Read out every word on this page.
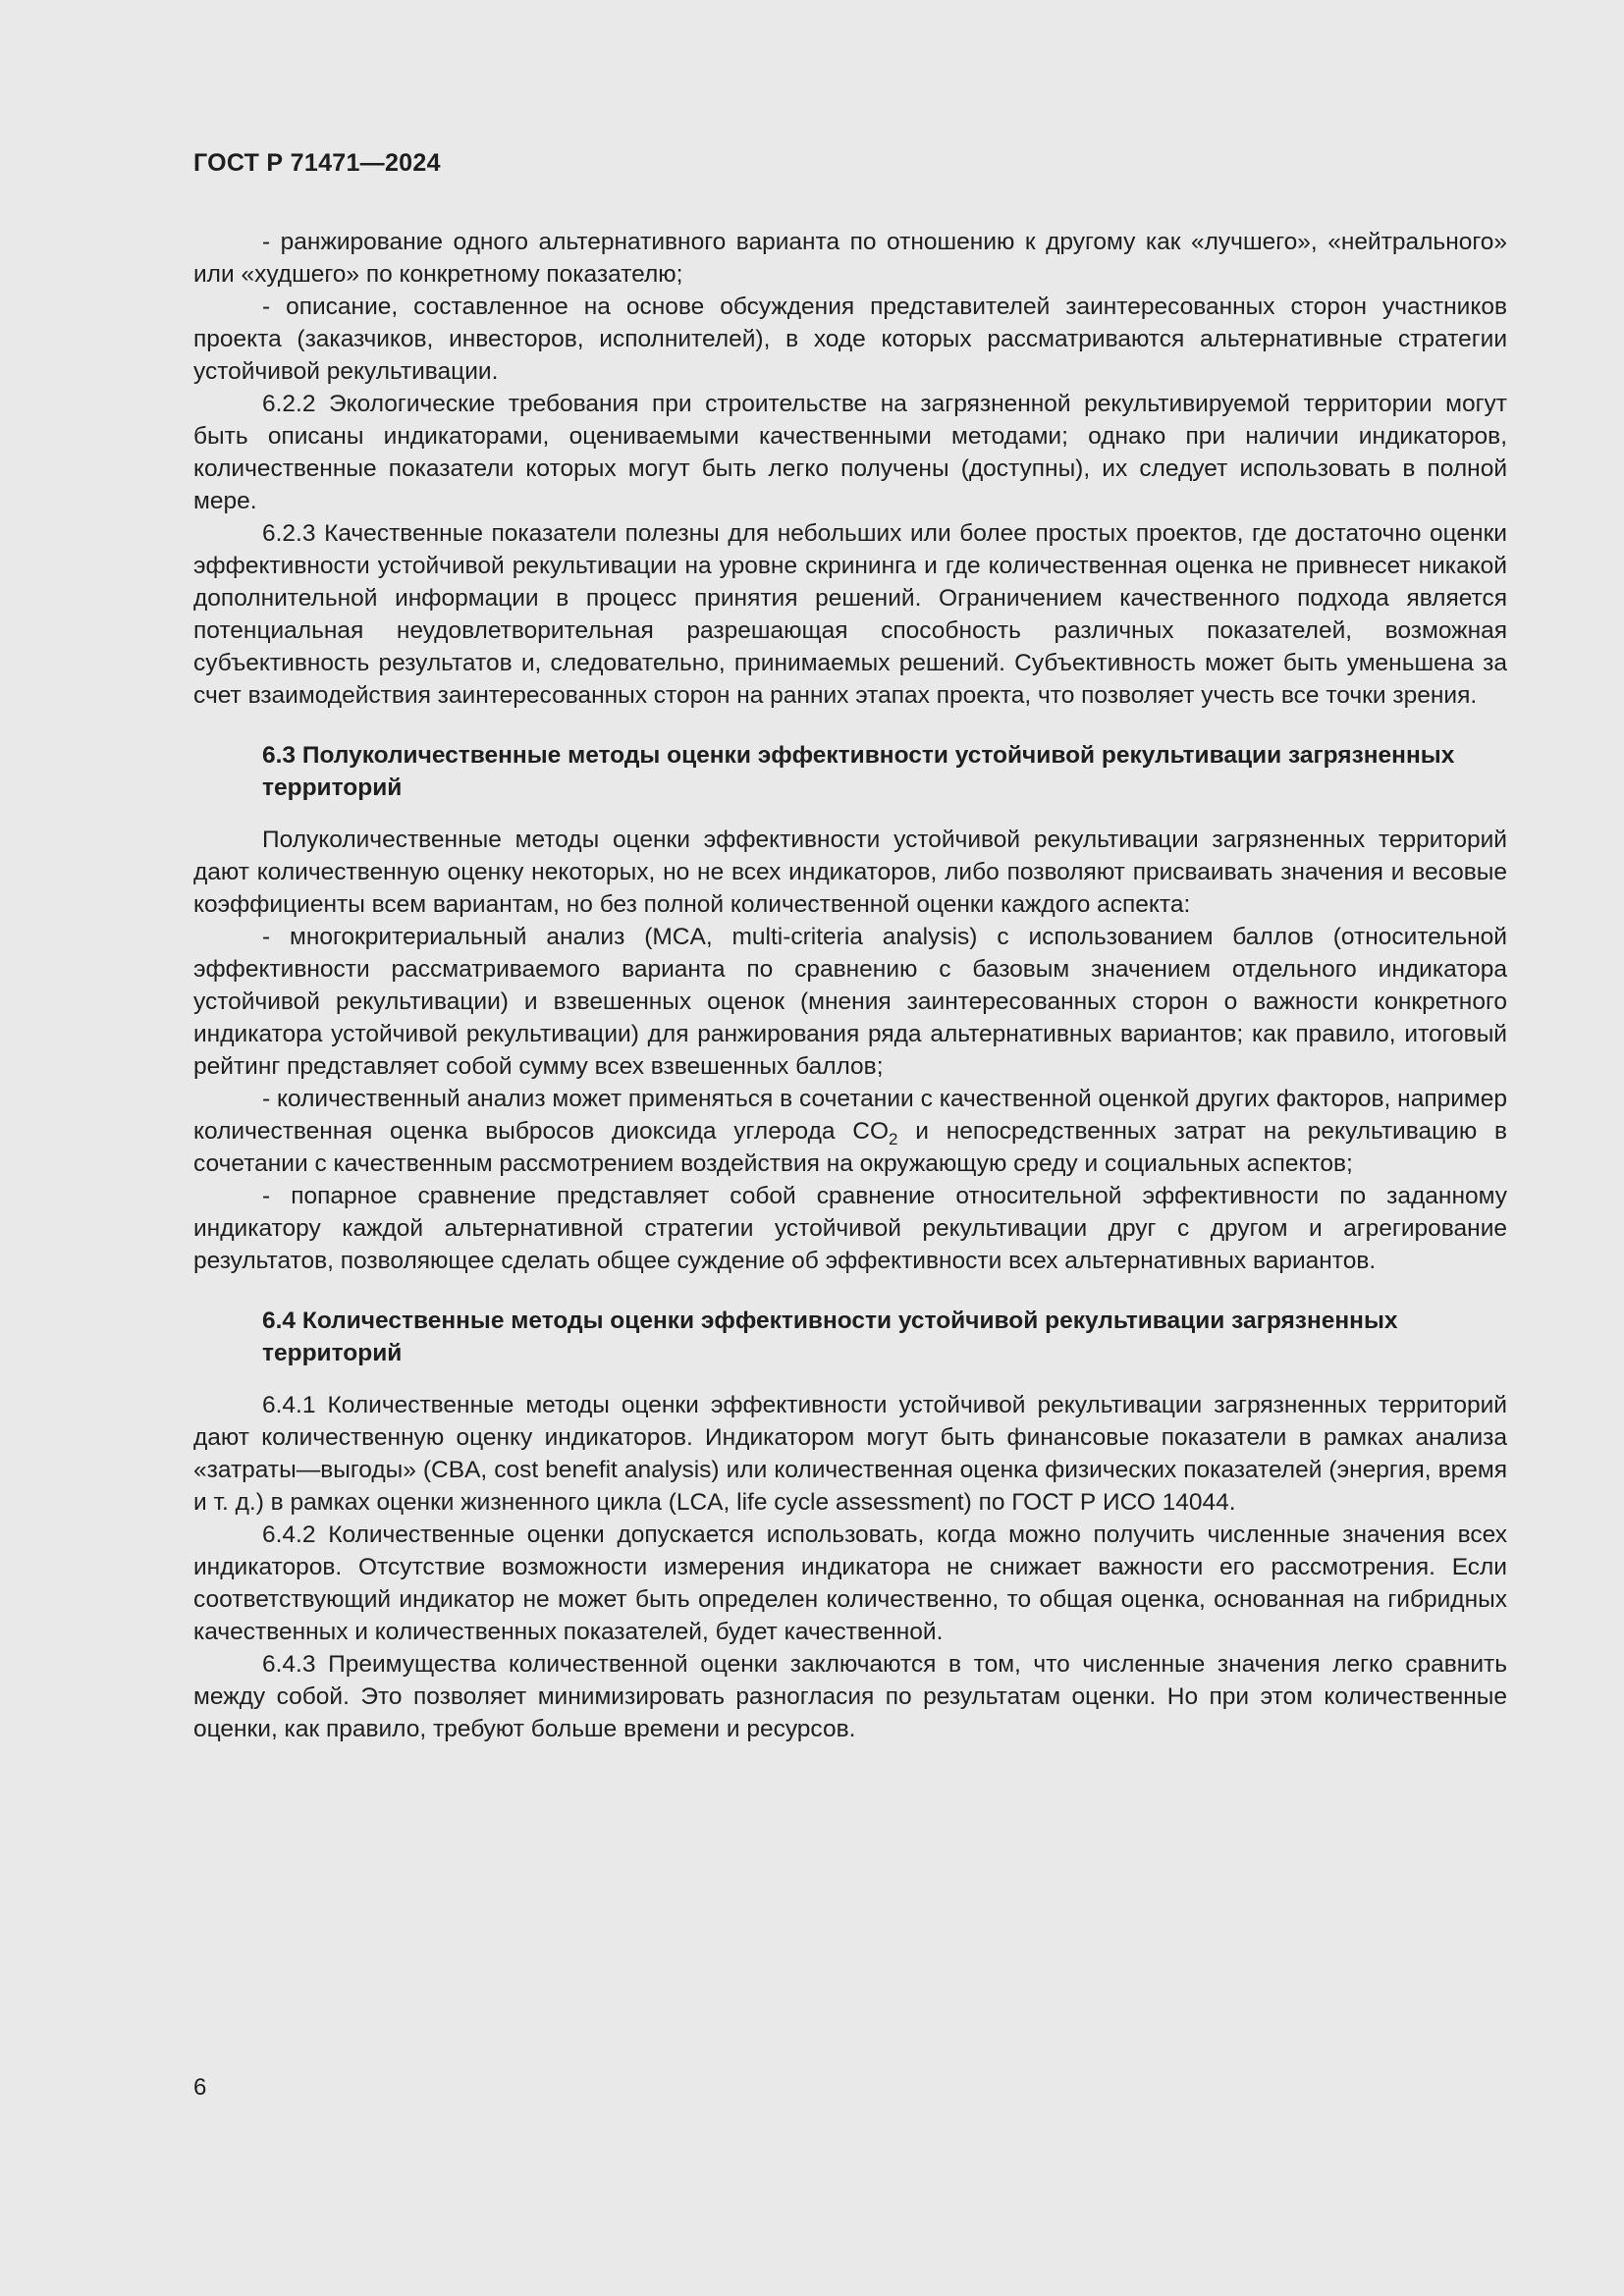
ГОСТ Р 71471—2024

- ранжирование одного альтернативного варианта по отношению к другому как «лучшего», «нейтрального» или «худшего» по конкретному показателю;

- описание, составленное на основе обсуждения представителей заинтересованных сторон участников проекта (заказчиков, инвесторов, исполнителей), в ходе которых рассматриваются альтернативные стратегии устойчивой рекультивации.

6.2.2 Экологические требования при строительстве на загрязненной рекультивируемой территории могут быть описаны индикаторами, оцениваемыми качественными методами; однако при наличии индикаторов, количественные показатели которых могут быть легко получены (доступны), их следует использовать в полной мере.

6.2.3 Качественные показатели полезны для небольших или более простых проектов, где достаточно оценки эффективности устойчивой рекультивации на уровне скрининга и где количественная оценка не привнесет никакой дополнительной информации в процесс принятия решений. Ограничением качественного подхода является потенциальная неудовлетворительная разрешающая способность различных показателей, возможная субъективность результатов и, следовательно, принимаемых решений. Субъективность может быть уменьшена за счет взаимодействия заинтересованных сторон на ранних этапах проекта, что позволяет учесть все точки зрения.

6.3 Полуколичественные методы оценки эффективности устойчивой рекультивации загрязненных территорий

Полуколичественные методы оценки эффективности устойчивой рекультивации загрязненных территорий дают количественную оценку некоторых, но не всех индикаторов, либо позволяют присваивать значения и весовые коэффициенты всем вариантам, но без полной количественной оценки каждого аспекта:

- многокритериальный анализ (MCA, multi-criteria analysis) с использованием баллов (относительной эффективности рассматриваемого варианта по сравнению с базовым значением отдельного индикатора устойчивой рекультивации) и взвешенных оценок (мнения заинтересованных сторон о важности конкретного индикатора устойчивой рекультивации) для ранжирования ряда альтернативных вариантов; как правило, итоговый рейтинг представляет собой сумму всех взвешенных баллов;

- количественный анализ может применяться в сочетании с качественной оценкой других факторов, например количественная оценка выбросов диоксида углерода $CO_2$ и непосредственных затрат на рекультивацию в сочетании с качественным рассмотрением воздействия на окружающую среду и социальных аспектов;

- попарное сравнение представляет собой сравнение относительной эффективности по заданному индикатору каждой альтернативной стратегии устойчивой рекультивации друг с другом и агрегирование результатов, позволяющее сделать общее суждение об эффективности всех альтернативных вариантов.

6.4 Количественные методы оценки эффективности устойчивой рекультивации загрязненных территорий

6.4.1 Количественные методы оценки эффективности устойчивой рекультивации загрязненных территорий дают количественную оценку индикаторов. Индикатором могут быть финансовые показатели в рамках анализа «затраты—выгоды» (CBA, cost benefit analysis) или количественная оценка физических показателей (энергия, время и т. д.) в рамках оценки жизненного цикла (LCA, life cycle assessment) по ГОСТ Р ИСО 14044.

6.4.2 Количественные оценки допускается использовать, когда можно получить численные значения всех индикаторов. Отсутствие возможности измерения индикатора не снижает важности его рассмотрения. Если соответствующий индикатор не может быть определен количественно, то общая оценка, основанная на гибридных качественных и количественных показателей, будет качественной.

6.4.3 Преимущества количественной оценки заключаются в том, что численные значения легко сравнить между собой. Это позволяет минимизировать разногласия по результатам оценки. Но при этом количественные оценки, как правило, требуют больше времени и ресурсов.

6
